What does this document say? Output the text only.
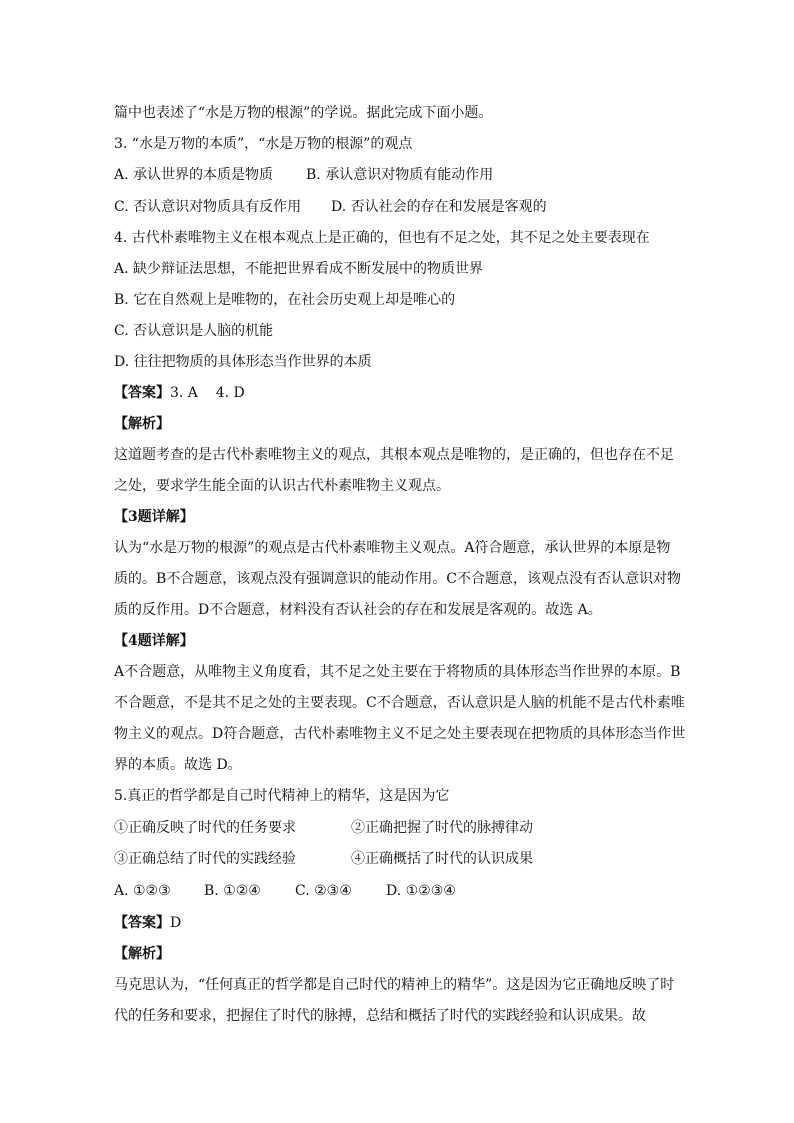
篇中也表述了“水是万物的根源”的学说。据此完成下面小题。
3. “水是万物的本质”，“水是万物的根源”的观点
A. 承认世界的本质是物质 B. 承认意识对物质有能动作用
C. 否认意识对物质具有反作用 D. 否认社会的存在和发展是客观的
4. 古代朴素唯物主义在根本观点上是正确的，但也有不足之处，其不足之处主要表现在
A. 缺少辩证法思想，不能把世界看成不断发展中的物质世界
B. 它在自然观上是唯物的，在社会历史观上却是唯心的
C. 否认意识是人脑的机能
D. 往往把物质的具体形态当作世界的本质
【答案】3. A    4. D
【解析】
这道题考查的是古代朴素唯物主义的观点，其根本观点是唯物的，是正确的，但也存在不足
之处，要求学生能全面的认识古代朴素唯物主义观点。
【3题详解】
认为“水是万物的根源”的观点是古代朴素唯物主义观点。A符合题意，承认世界的本原是物
质的。B不合题意，该观点没有强调意识的能动作用。C不合题意，该观点没有否认意识对物
质的反作用。D不合题意，材料没有否认社会的存在和发展是客观的。故选 A。
【4题详解】
A不合题意，从唯物主义角度看，其不足之处主要在于将物质的具体形态当作世界的本原。B
不合题意，不是其不足之处的主要表现。C不合题意，否认意识是人脑的机能不是古代朴素唯
物主义的观点。D符合题意，古代朴素唯物主义不足之处主要表现在把物质的具体形态当作世
界的本质。故选 D。
5.真正的哲学都是自己时代精神上的精华，这是因为它
①正确反映了时代的任务要求	②正确把握了时代的脉搏律动
③正确总结了时代的实践经验	④正确概括了时代的认识成果
A. ①②③ B. ①②④ C. ②③④ D. ①②③④
【答案】D
【解析】
马克思认为，“任何真正的哲学都是自己时代的精神上的精华”。这是因为它正确地反映了时
代的任务和要求，把握住了时代的脉搏，总结和概括了时代的实践经验和认识成果。故
